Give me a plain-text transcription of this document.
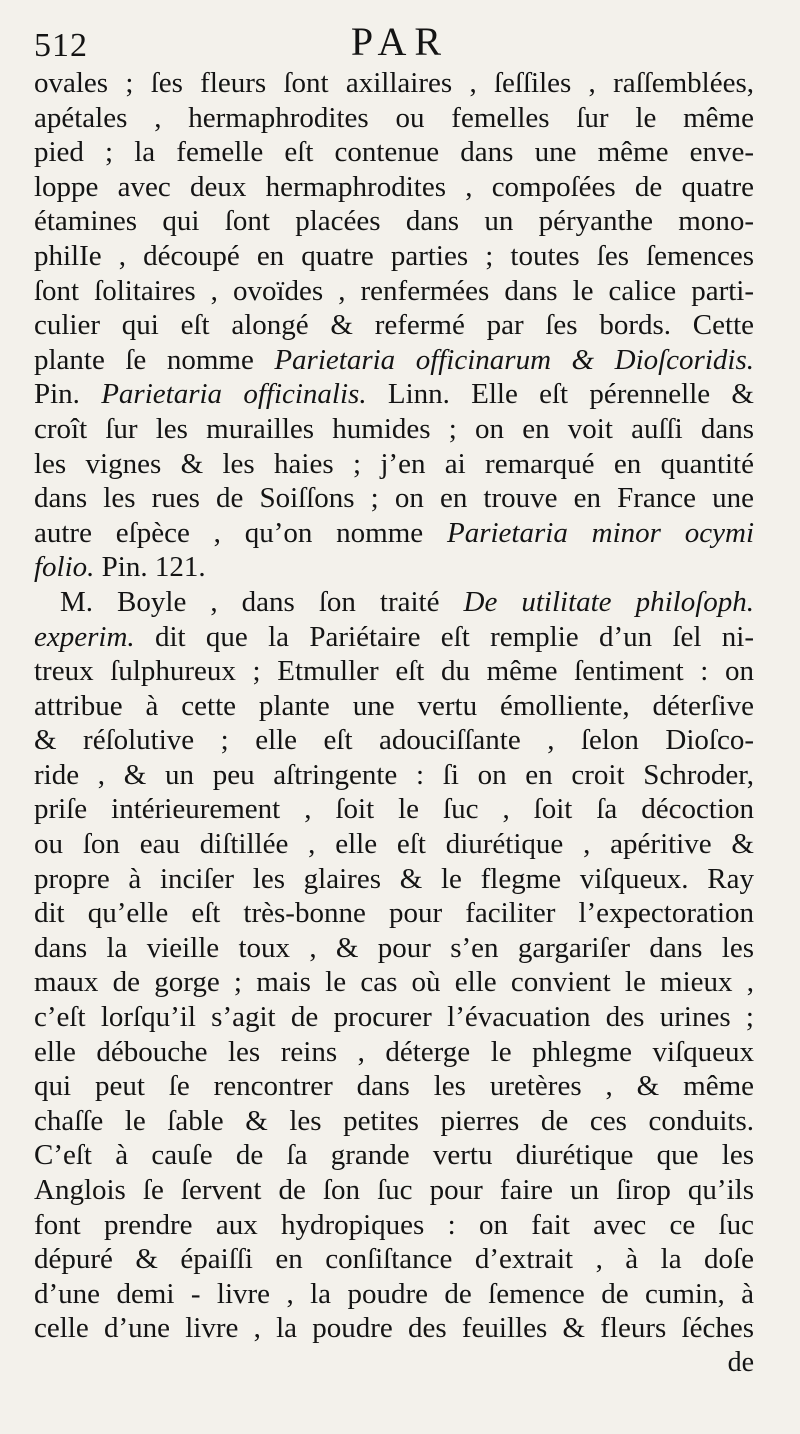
512	PAR
ovales ; ſes fleurs ſont axillaires , ſeſſiles , raſſemblées,
apétales , hermaphrodites ou femelles ſur le même
pied ; la femelle eſt contenue dans une même enve-
loppe avec deux hermaphrodites , compoſées de quatre
étamines qui ſont placées dans un péryanthe mono-
philIe , découpé en quatre parties ; toutes ſes ſemences
ſont ſolitaires , ovoïdes , renfermées dans le calice parti-
culier qui eſt alongé & refermé par ſes bords. Cette
plante ſe nomme Parietaria officinarum & Dioſcoridis.
Pin. Parietaria officinalis. Linn. Elle eſt pérennelle &
croît ſur les murailles humides ; on en voit auſſi dans
les vignes & les haies ; j’en ai remarqué en quantité
dans les rues de Soiſſons ; on en trouve en France une
autre eſpèce , qu’on nomme Parietaria minor ocymi
folio. Pin. 121.
M. Boyle , dans ſon traité De utilitate philoſoph.
experim. dit que la Pariétaire eſt remplie d’un ſel ni-
treux ſulphureux ; Etmuller eſt du même ſentiment : on
attribue à cette plante une vertu émolliente, déterſive
& réſolutive ; elle eſt adouciſſante , ſelon Dioſco-
ride , & un peu aſtringente : ſi on en croit Schroder,
priſe intérieurement , ſoit le ſuc , ſoit ſa décoction
ou ſon eau diſtillée , elle eſt diurétique , apéritive &
propre à inciſer les glaires & le flegme viſqueux. Ray
dit qu’elle eſt très-bonne pour faciliter l’expectoration
dans la vieille toux , & pour s’en gargariſer dans les
maux de gorge ; mais le cas où elle convient le mieux ,
c’eſt lorſqu’il s’agit de procurer l’évacuation des urines ;
elle débouche les reins , déterge le phlegme viſqueux
qui peut ſe rencontrer dans les uretères , & même
chaſſe le ſable & les petites pierres de ces conduits.
C’eſt à cauſe de ſa grande vertu diurétique que les
Anglois ſe ſervent de ſon ſuc pour faire un ſirop qu’ils
font prendre aux hydropiques : on fait avec ce ſuc
dépuré & épaiſſi en conſiſtance d’extrait , à la doſe
d’une demi - livre , la poudre de ſemence de cumin, à
celle d’une livre , la poudre des feuilles & fleurs ſéches
de
